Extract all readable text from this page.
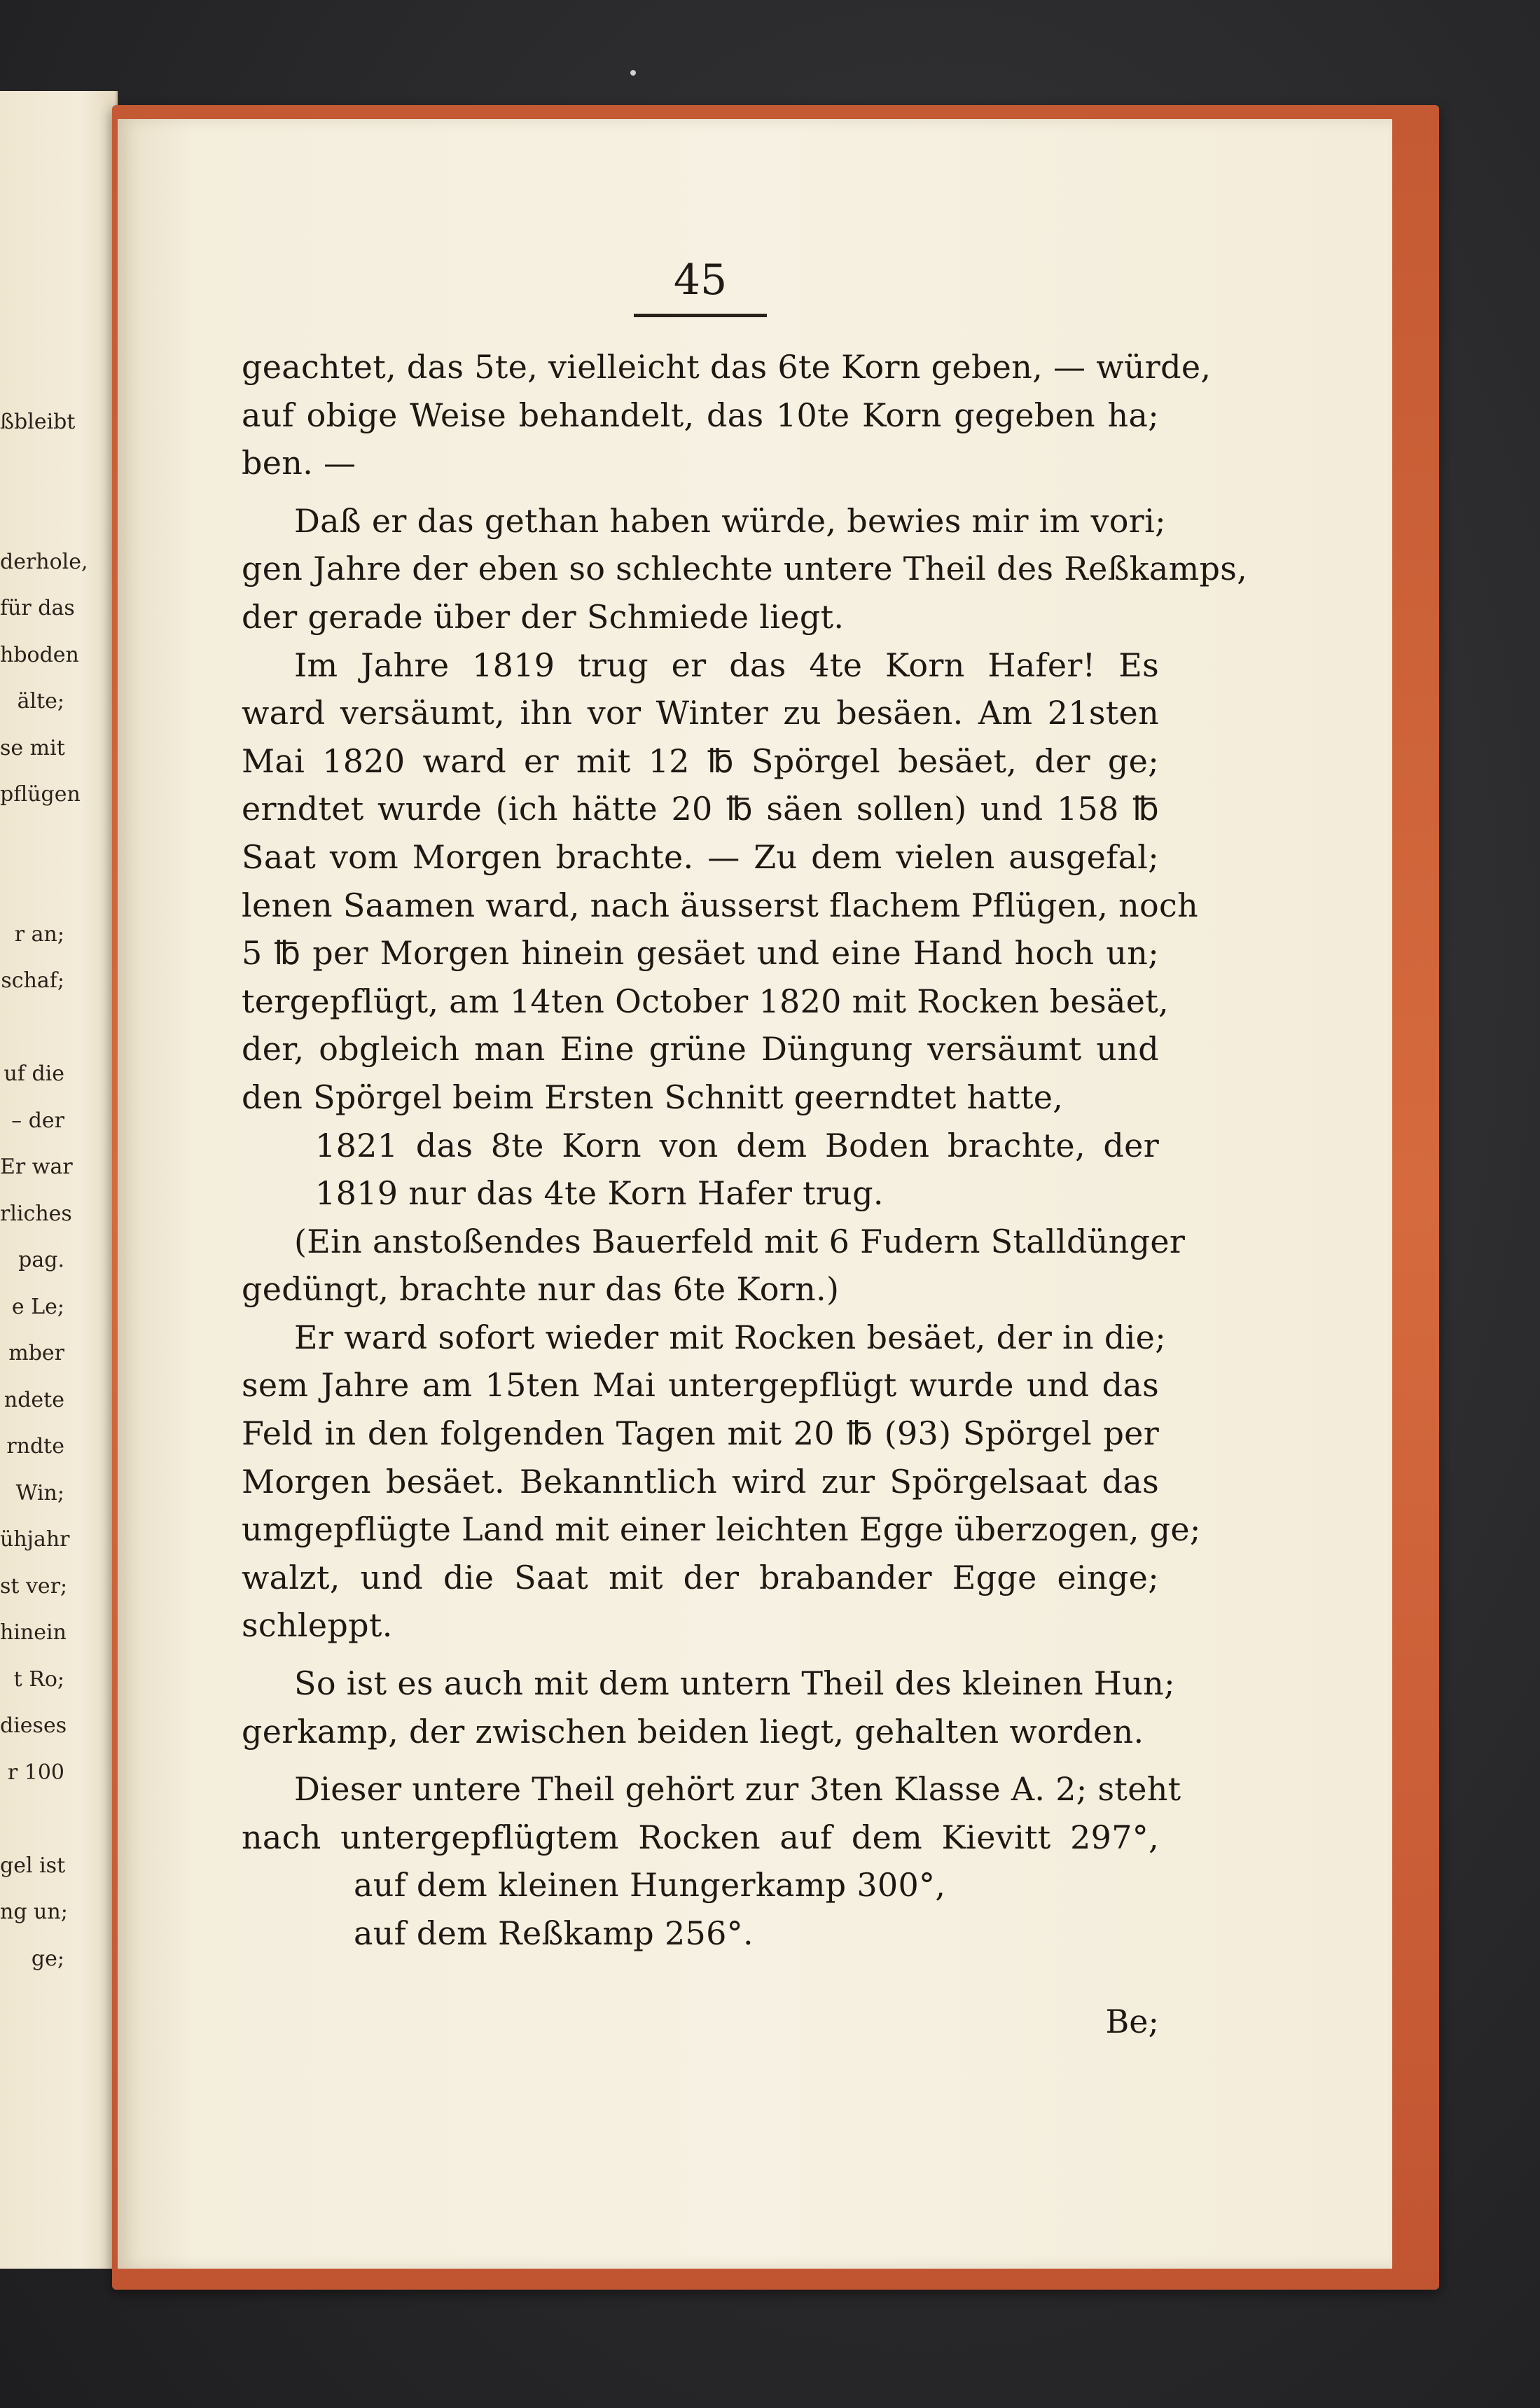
ßbleibt
derhole,
für das
hboden
älte;
se mit
pflügen
r an;
schaf;
uf die
– der
Er war
rliches
pag.
e Le;
mber
ndete
rndte
Win;
ühjahr
st ver;
hinein
t Ro;
dieses
r 100
gel ist
ng un;
ge;
45
geachtet, das 5te, vielleicht das 6te Korn geben, — würde,
auf obige Weise behandelt, das 10te Korn gegeben ha;
ben. —
Daß er das gethan haben würde, bewies mir im vori;
gen Jahre der eben so schlechte untere Theil des Reßkamps,
der gerade über der Schmiede liegt.
Im Jahre 1819 trug er das 4te Korn Hafer! Es
ward versäumt, ihn vor Winter zu besäen. Am 21sten
Mai 1820 ward er mit 12 ℔ Spörgel besäet, der ge;
erndtet wurde (ich hätte 20 ℔ säen sollen) und 158 ℔
Saat vom Morgen brachte. — Zu dem vielen ausgefal;
lenen Saamen ward, nach äusserst flachem Pflügen, noch
5 ℔ per Morgen hinein gesäet und eine Hand hoch un;
tergepflügt, am 14ten October 1820 mit Rocken besäet,
der, obgleich man Eine grüne Düngung versäumt und
den Spörgel beim Ersten Schnitt geerndtet hatte,
1821 das 8te Korn von dem Boden brachte, der
1819 nur das 4te Korn Hafer trug.
(Ein anstoßendes Bauerfeld mit 6 Fudern Stalldünger
gedüngt, brachte nur das 6te Korn.)
Er ward sofort wieder mit Rocken besäet, der in die;
sem Jahre am 15ten Mai untergepflügt wurde und das
Feld in den folgenden Tagen mit 20 ℔ (93) Spörgel per
Morgen besäet. Bekanntlich wird zur Spörgelsaat das
umgepflügte Land mit einer leichten Egge überzogen, ge;
walzt, und die Saat mit der brabander Egge einge;
schleppt.
So ist es auch mit dem untern Theil des kleinen Hun;
gerkamp, der zwischen beiden liegt, gehalten worden.
Dieser untere Theil gehört zur 3ten Klasse A. 2; steht
nach untergepflügtem Rocken auf dem Kievitt 297°,
auf dem kleinen Hungerkamp 300°,
auf dem Reßkamp 256°.
Be;
